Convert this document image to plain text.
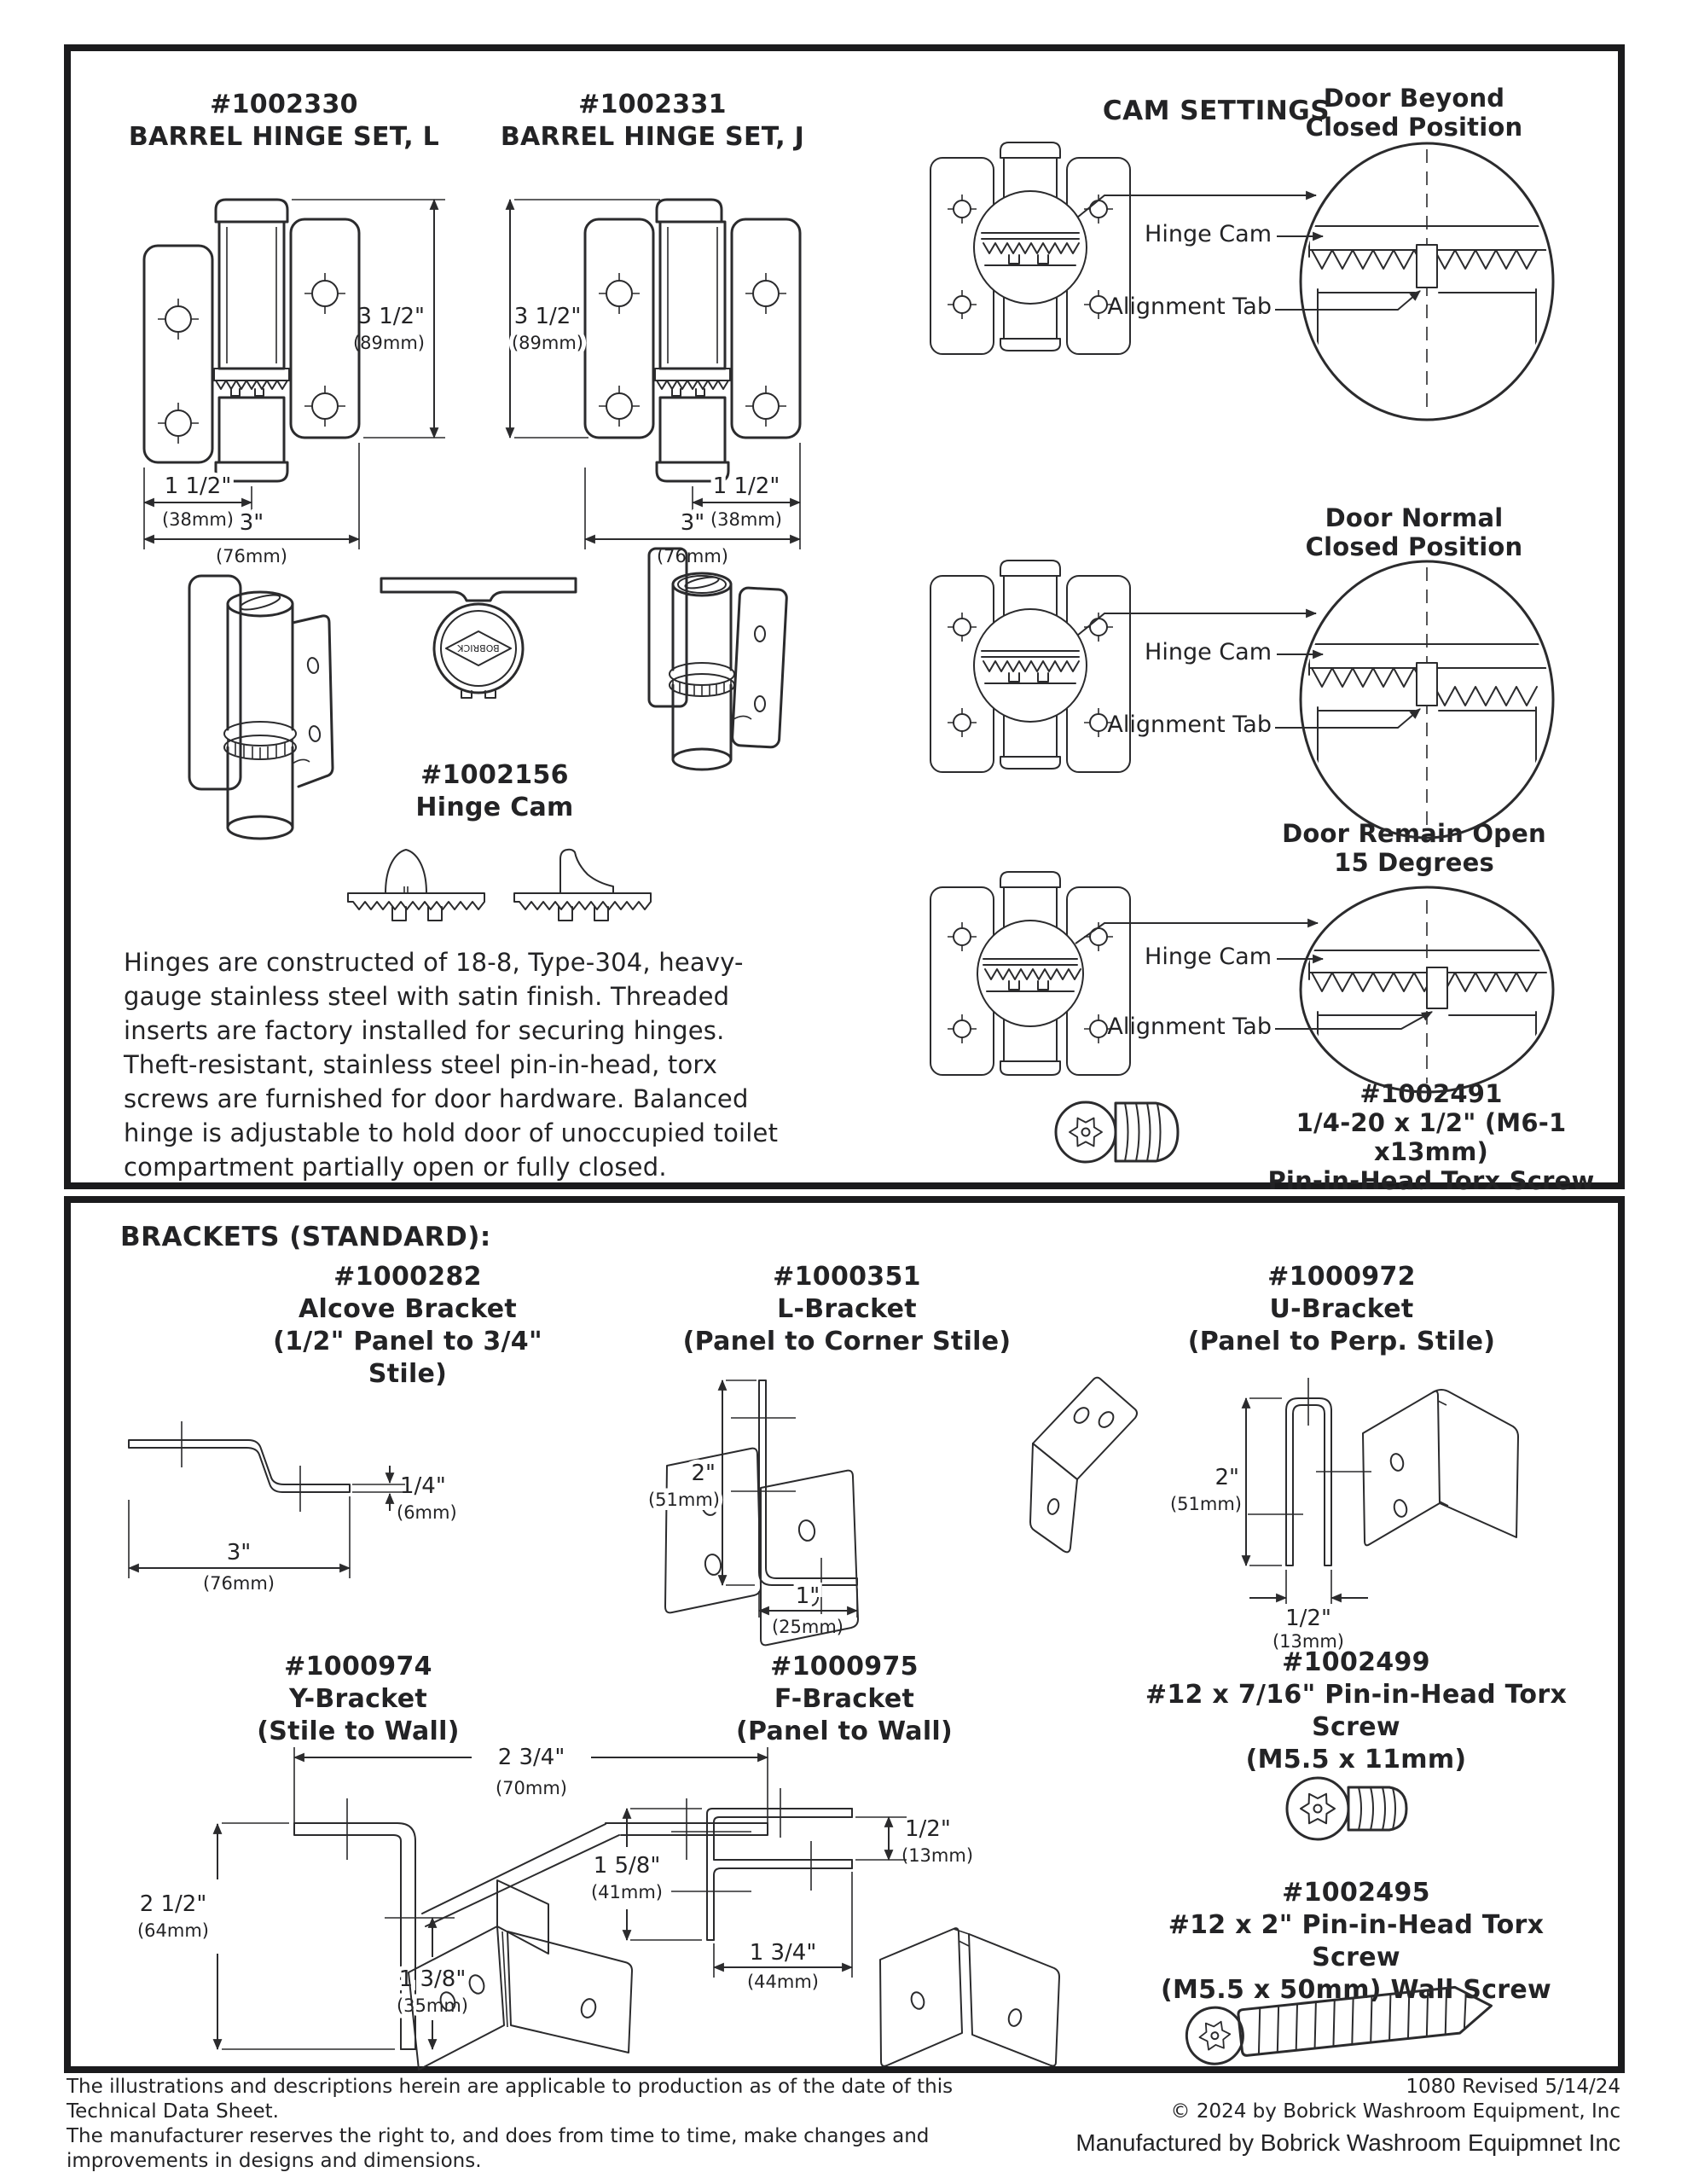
#1002330
BARREL HINGE SET, L
#1002331
BARREL HINGE SET, J
CAM SETTINGS
3 1/2"
(89mm)
1 1/2"
(38mm) 3"
(76mm)
3 1/2"
(89mm)
1 1/2"
(38mm)
3"
(76mm)
BOBRICK
#1002156
Hinge Cam
Hinges are constructed of 18-8, Type-304, heavy-gauge stainless steel with satin finish. Threaded inserts are factory installed for securing hinges. Theft-resistant, stainless steel pin-in-head, torx screws are furnished for door hardware. Balanced hinge is adjustable to hold door of unoccupied toilet compartment partially open or fully closed.
#1002491
1/4-20 x 1/2" (M6-1 x13mm)
Pin-in-Head Torx Screw
Door Beyond
Closed Position
Door Normal
Closed Position
Door Remain Open
15 Degrees
Hinge Cam
Alignment Tab
Hinge Cam
Alignment Tab
Hinge Cam
Alignment Tab
BRACKETS (STANDARD):
#1000282
Alcove Bracket
(1/2" Panel to 3/4" Stile)
#1000351
L-Bracket
(Panel to Corner Stile)
#1000972
U-Bracket
(Panel to Perp. Stile)
1/4"
(6mm)
3"
(76mm)
2"
(51mm)
1"
(25mm)
2"
(51mm)
1/2"
(13mm)
#1000974
Y-Bracket
(Stile to Wall)
#1000975
F-Bracket
(Panel to Wall)
#1002499
#12 x 7/16" Pin-in-Head Torx Screw
(M5.5 x 11mm)
2 3/4"
(70mm)
2 1/2"
(64mm)
1 3/8"
(35mm)
1 5/8"
(41mm)
1/2"
(13mm)
1 3/4"
(44mm)
#1002495
#12 x 2" Pin-in-Head Torx Screw
(M5.5 x 50mm) Wall Screw
The illustrations and descriptions herein are applicable to production as of the date of this Technical Data Sheet.
The manufacturer reserves the right to, and does from time to time, make changes and improvements in designs and dimensions.
1080 Revised 5/14/24
© 2024 by Bobrick Washroom Equipment, Inc
Manufactured by Bobrick Washroom Equipmnet Inc
